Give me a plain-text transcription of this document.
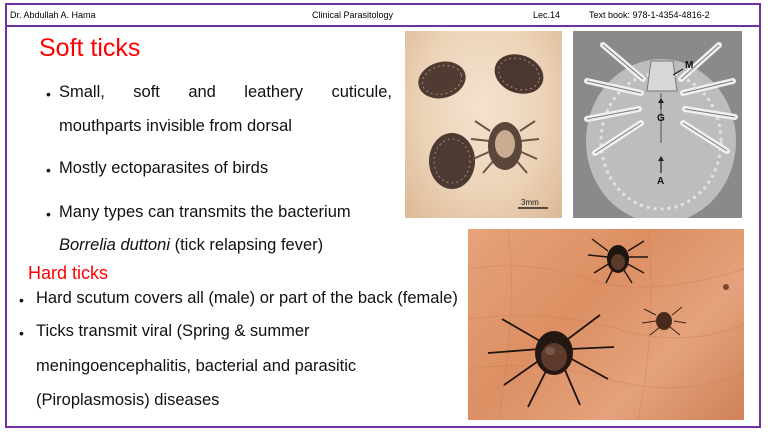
Dr. Abdullah A. Hama	Clinical Parasitology	Lec.14	Text book: 978-1-4354-4816-2
Soft ticks
• Small, soft and leathery cuticule,
mouthparts invisible from dorsal
• Mostly ectoparasites of birds
• Many types can transmits the bacterium
Borrelia duttoni (tick relapsing fever)
Hard ticks
• Hard scutum covers all (male) or part of the back (female)
• Ticks transmit viral (Spring & summer
meningoencephalitis, bacterial and parasitic
(Piroplasmosis) diseases
3mm
M
G
A
